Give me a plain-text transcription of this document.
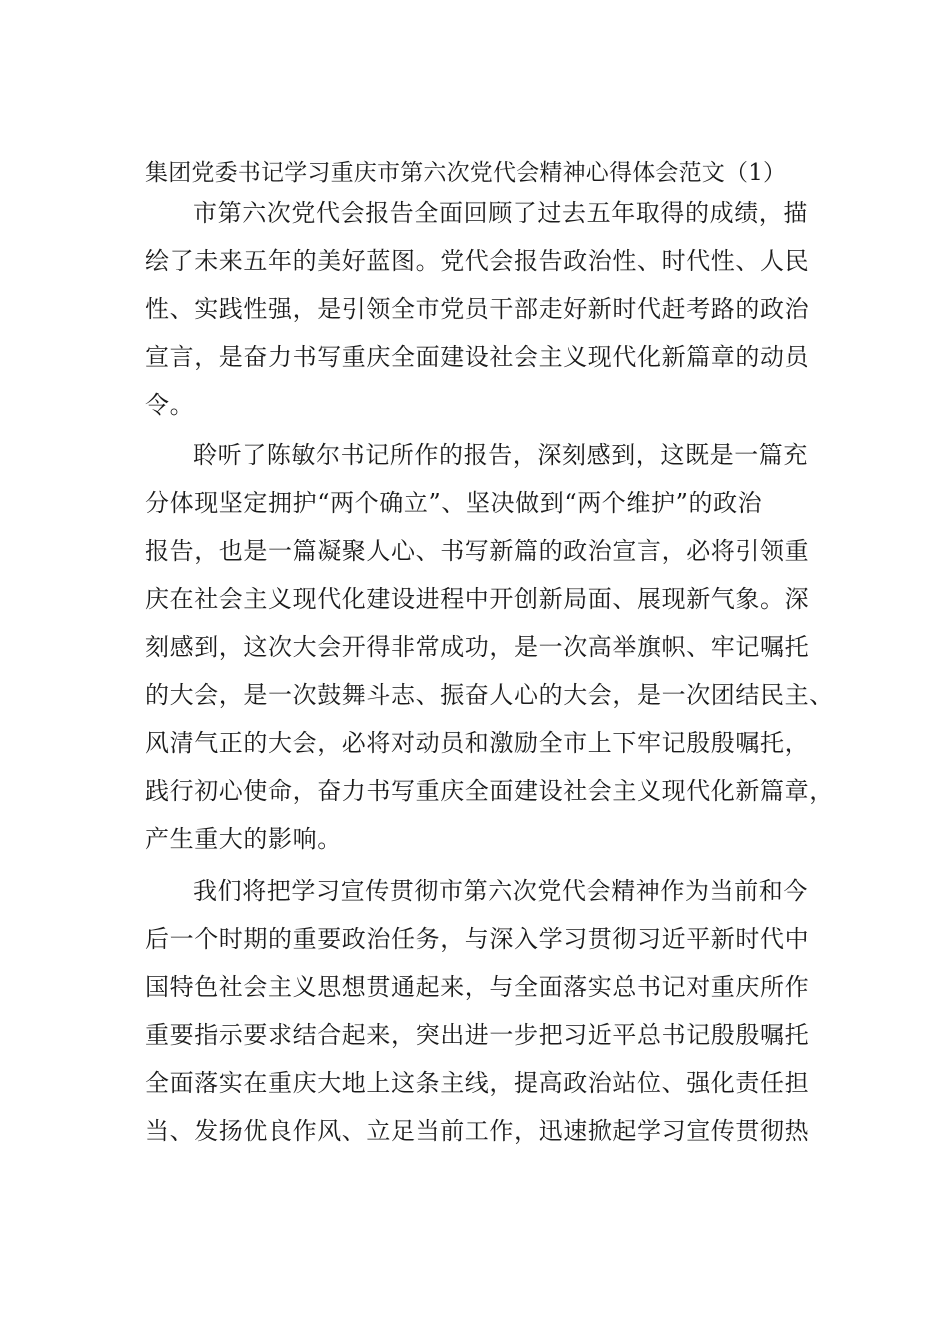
集团党委书记学习重庆市第六次党代会精神心得体会范文（1）
市第六次党代会报告全面回顾了过去五年取得的成绩，描
绘了未来五年的美好蓝图。党代会报告政治性、时代性、人民
性、实践性强，是引领全市党员干部走好新时代赶考路的政治
宣言，是奋力书写重庆全面建设社会主义现代化新篇章的动员
令。
聆听了陈敏尔书记所作的报告，深刻感到，这既是一篇充
分体现坚定拥护“两个确立”、坚决做到“两个维护”的政治
报告，也是一篇凝聚人心、书写新篇的政治宣言，必将引领重
庆在社会主义现代化建设进程中开创新局面、展现新气象。深
刻感到，这次大会开得非常成功，是一次高举旗帜、牢记嘱托
的大会，是一次鼓舞斗志、振奋人心的大会，是一次团结民主、
风清气正的大会，必将对动员和激励全市上下牢记殷殷嘱托，
践行初心使命，奋力书写重庆全面建设社会主义现代化新篇章，
产生重大的影响。
我们将把学习宣传贯彻市第六次党代会精神作为当前和今
后一个时期的重要政治任务，与深入学习贯彻习近平新时代中
国特色社会主义思想贯通起来，与全面落实总书记对重庆所作
重要指示要求结合起来，突出进一步把习近平总书记殷殷嘱托
全面落实在重庆大地上这条主线，提高政治站位、强化责任担
当、发扬优良作风、立足当前工作，迅速掀起学习宣传贯彻热
